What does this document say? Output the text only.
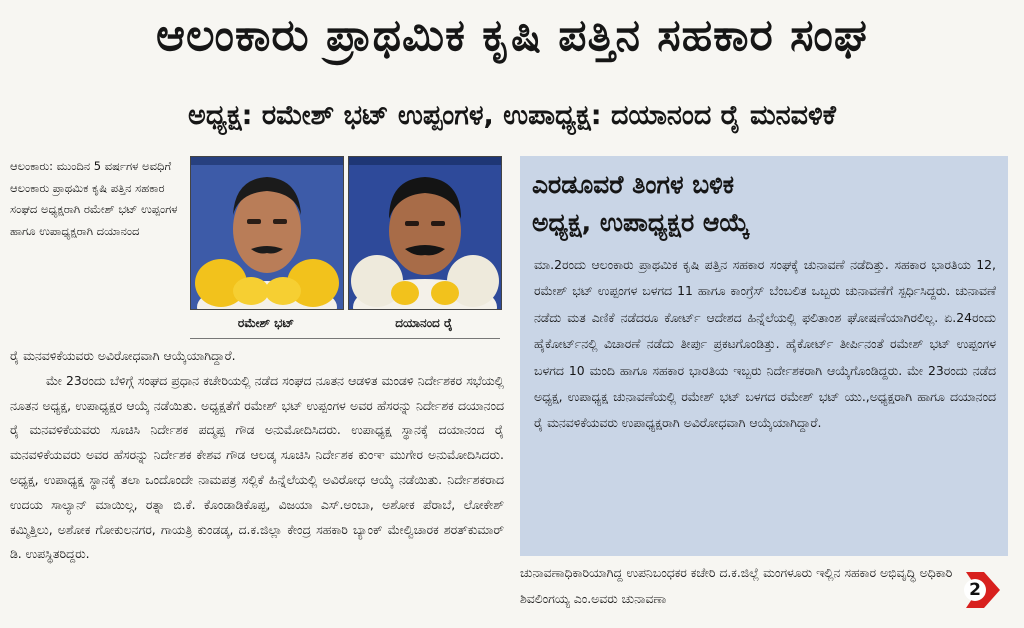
ಆಲಂಕಾರು ಪ್ರಾಥಮಿಕ ಕೃಷಿ ಪತ್ತಿನ ಸಹಕಾರ ಸಂಘ
ಅಧ್ಯಕ್ಷ: ರಮೇಶ್ ಭಟ್ ಉಪ್ಪಂಗಳ, ಉಪಾಧ್ಯಕ್ಷ: ದಯಾನಂದ ರೈ ಮನವಳಿಕೆ
ಆಲಂಕಾರು: ಮುಂದಿನ 5 ವರ್ಷಗಳ ಅವಧಿಗೆ ಆಲಂಕಾರು ಪ್ರಾಥಮಿಕ ಕೃಷಿ ಪತ್ತಿನ ಸಹಕಾರ ಸಂಘದ ಅಧ್ಯಕ್ಷರಾಗಿ ರಮೇಶ್ ಭಟ್ ಉಪ್ಪಂಗಳ ಹಾಗೂ ಉಪಾಧ್ಯಕ್ಷರಾಗಿ ದಯಾನಂದ
ರಮೇಶ್ ಭಟ್	ದಯಾನಂದ ರೈ

ರೈ ಮನವಳಿಕೆಯವರು ಅವಿರೋಧವಾಗಿ ಆಯ್ಕೆಯಾಗಿದ್ದಾರೆ.

ಮೇ 23ರಂದು ಬೆಳಿಗ್ಗೆ ಸಂಘದ ಪ್ರಧಾನ ಕಚೇರಿಯಲ್ಲಿ ನಡೆದ ಸಂಘದ ನೂತನ ಆಡಳಿತ ಮಂಡಳಿ ನಿರ್ದೇಶಕರ ಸಭೆಯಲ್ಲಿ ನೂತನ ಅಧ್ಯಕ್ಷ, ಉಪಾಧ್ಯಕ್ಷರ ಆಯ್ಕೆ ನಡೆಯಿತು. ಅಧ್ಯಕ್ಷತೆಗೆ ರಮೇಶ್ ಭಟ್ ಉಪ್ಪಂಗಳ ಅವರ ಹೆಸರನ್ನು ನಿರ್ದೇಶಕ ದಯಾನಂದ ರೈ ಮನವಳಿಕೆಯವರು ಸೂಚಿಸಿ ನಿರ್ದೇಶಕ ಪದ್ಮಪ್ಪ ಗೌಡ ಅನುಮೋದಿಸಿದರು. ಉಪಾಧ್ಯಕ್ಷ ಸ್ಥಾನಕ್ಕೆ ದಯಾನಂದ ರೈ ಮನವಳಿಕೆಯವರು ಅವರ ಹೆಸರನ್ನು ನಿರ್ದೇಶಕ ಕೇಶವ ಗೌಡ ಆಲಡ್ಕ ಸೂಚಿಸಿ ನಿರ್ದೇಶಕ ಕುಂಞ ಮುಗೇರ ಅನುಮೋದಿಸಿದರು. ಅಧ್ಯಕ್ಷ, ಉಪಾಧ್ಯಕ್ಷ ಸ್ಥಾನಕ್ಕೆ ತಲಾ ಒಂದೊಂದೇ ನಾಮಪತ್ರ ಸಲ್ಲಿಕೆ ಹಿನ್ನೆಲೆಯಲ್ಲಿ ಅವಿರೋಧ ಆಯ್ಕೆ ನಡೆಯಿತು. ನಿರ್ದೇಶಕರಾದ ಉದಯ ಸಾಲ್ಯಾನ್ ಮಾಯಿಲ್ಗ, ರತ್ನಾ ಬಿ.ಕೆ. ಕೊಂಡಾಡಿಕೊಪ್ಪ, ವಿಜಯಾ ಎಸ್.ಅಂಬಾ, ಅಶೋಕ ಪೆರಾಬೆ, ಲೋಕೇಶ್ ಕಮ್ಮಿತ್ತಿಲು, ಅಶೋಕ ಗೋಕುಲನಗರ, ಗಾಯತ್ರಿ ಕುಂಡಡ್ಕ, ದ.ಕ.ಜಿಲ್ಲಾ ಕೇಂದ್ರ ಸಹಕಾರಿ ಬ್ಯಾಂಕ್ ಮೇಲ್ವಿಚಾರಕ ಶರತ್‌ಕುಮಾರ್ ಡಿ. ಉಪಸ್ಥಿತರಿದ್ದರು.

ಎರಡೂವರೆ ತಿಂಗಳ ಬಳಿಕ
ಅಧ್ಯಕ್ಷ, ಉಪಾಧ್ಯಕ್ಷರ ಆಯ್ಕೆ
ಮಾ.2ರಂದು ಆಲಂಕಾರು ಪ್ರಾಥಮಿಕ ಕೃಷಿ ಪತ್ತಿನ ಸಹಕಾರ ಸಂಘಕ್ಕೆ ಚುನಾವಣೆ ನಡೆದಿತ್ತು. ಸಹಕಾರ ಭಾರತಿಯ 12, ರಮೇಶ್ ಭಟ್ ಉಪ್ಪಂಗಳ ಬಳಗದ 11 ಹಾಗೂ ಕಾಂಗ್ರೆಸ್ ಬೆಂಬಲಿತ ಒಬ್ಬರು ಚುನಾವಣೆಗೆ ಸ್ಪರ್ಧಿಸಿದ್ದರು. ಚುನಾವಣೆ ನಡೆದು ಮತ ಎಣಿಕೆ ನಡೆದರೂ ಕೋರ್ಟ್ ಆದೇಶದ ಹಿನ್ನೆಲೆಯಲ್ಲಿ ಫಲಿತಾಂಶ ಘೋಷಣೆಯಾಗಿರಲಿಲ್ಲ. ಏ.24ರಂದು ಹೈಕೋರ್ಟ್‌ನಲ್ಲಿ ವಿಚಾರಣೆ ನಡೆದು ತೀರ್ಪು ಪ್ರಕಟಗೊಂಡಿತ್ತು. ಹೈಕೋರ್ಟ್ ತೀರ್ಪಿನಂತೆ ರಮೇಶ್ ಭಟ್ ಉಪ್ಪಂಗಳ ಬಳಗದ 10 ಮಂದಿ ಹಾಗೂ ಸಹಕಾರ ಭಾರತಿಯ ಇಬ್ಬರು ನಿರ್ದೇಶಕರಾಗಿ ಆಯ್ಕೆಗೊಂಡಿದ್ದರು. ಮೇ 23ರಂದು ನಡೆದ ಅಧ್ಯಕ್ಷ, ಉಪಾಧ್ಯಕ್ಷ ಚುನಾವಣೆಯಲ್ಲಿ ರಮೇಶ್ ಭಟ್ ಬಳಗದ ರಮೇಶ್ ಭಟ್ ಯು.,ಅಧ್ಯಕ್ಷರಾಗಿ ಹಾಗೂ ದಯಾನಂದ ರೈ ಮನವಳಿಕೆಯವರು ಉಪಾಧ್ಯಕ್ಷರಾಗಿ ಅವಿರೋಧವಾಗಿ ಆಯ್ಕೆಯಾಗಿದ್ದಾರೆ.
ಚುನಾವಣಾಧಿಕಾರಿಯಾಗಿದ್ದ ಉಪನಿಬಂಧಕರ ಕಚೇರಿ ದ.ಕ.ಜಿಲ್ಲೆ ಮಂಗಳೂರು ಇಲ್ಲಿನ ಸಹಕಾರ ಅಭಿವೃದ್ಧಿ ಅಧಿಕಾರಿ ಶಿವಲಿಂಗಯ್ಯ ಎಂ.ಅವರು ಚುನಾವಣಾ	2
